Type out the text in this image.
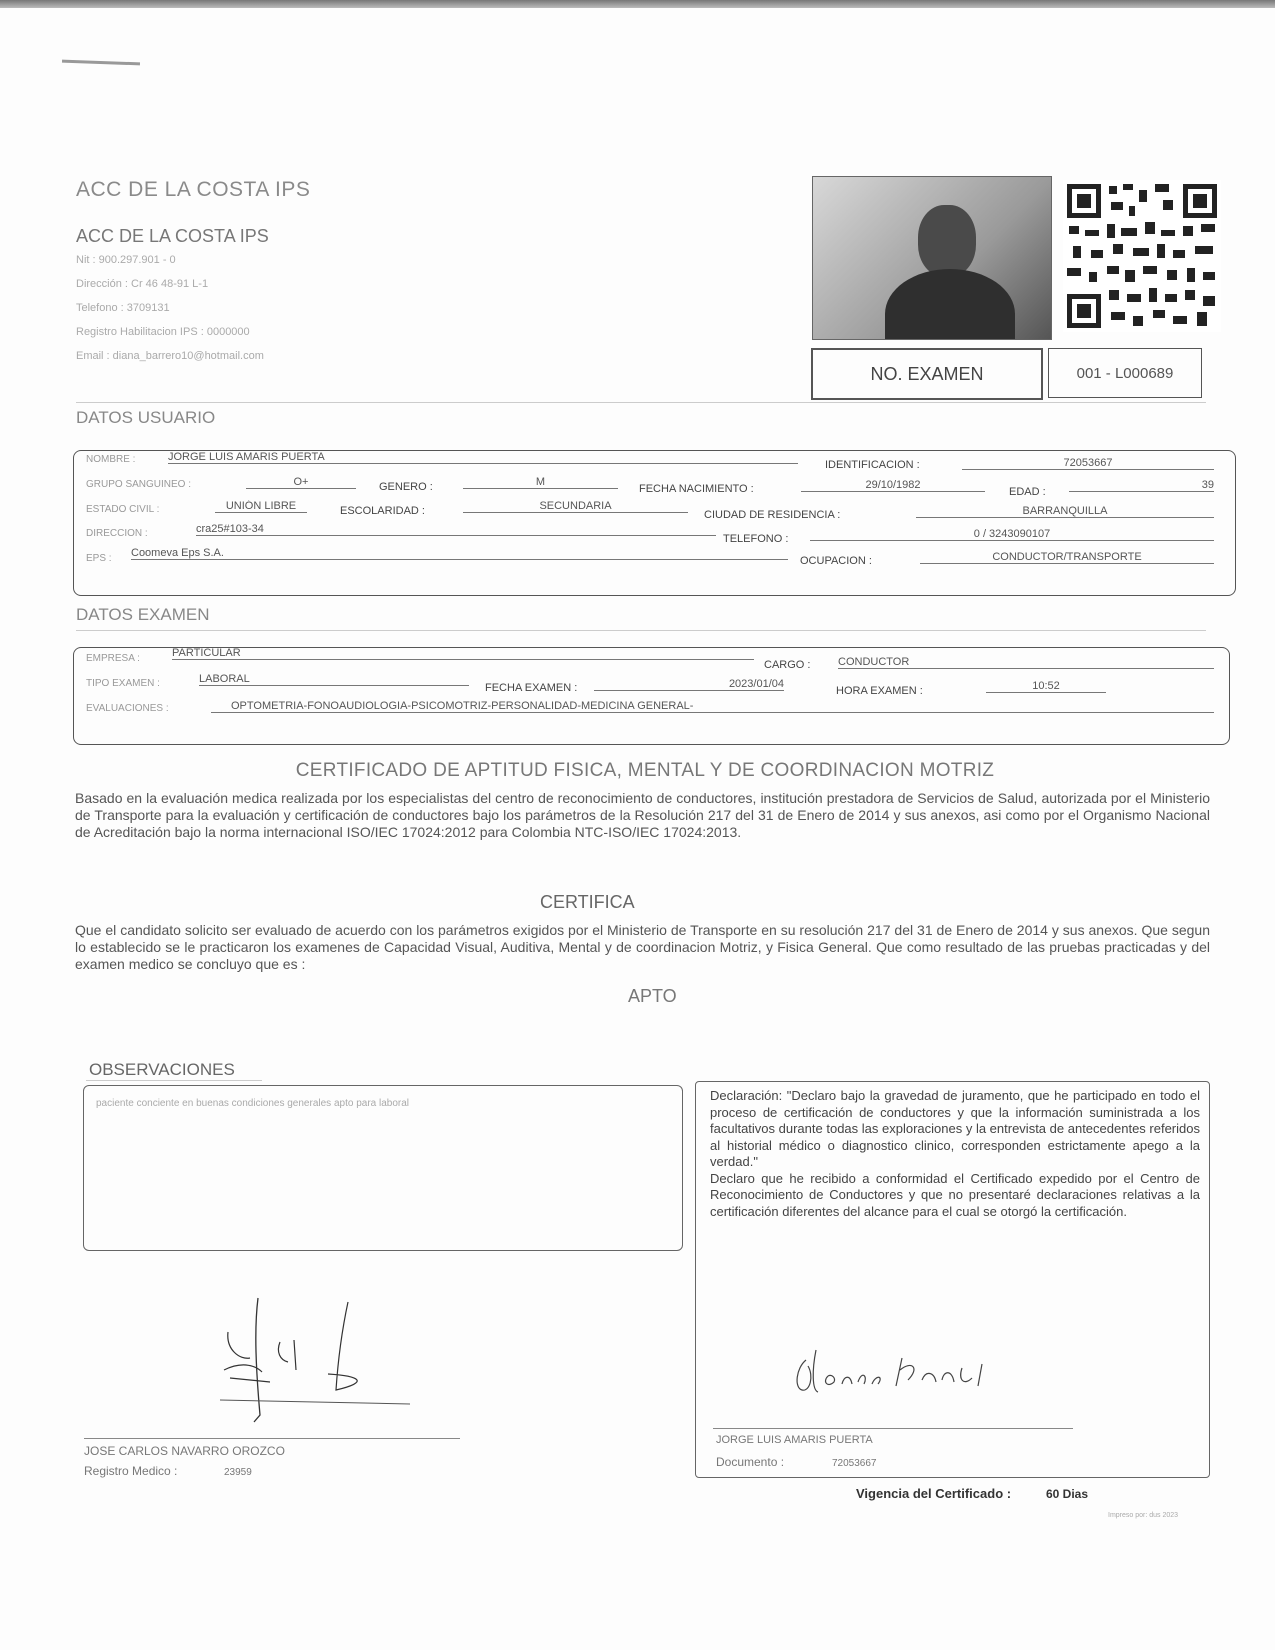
ACC DE LA COSTA IPS
ACC DE LA COSTA IPS
Nit : 900.297.901 - 0
Dirección : Cr 46 48-91 L-1
Telefono : 3709131
Registro Habilitacion IPS : 0000000
Email : diana_barrero10@hotmail.com
NO. EXAMEN	001 - L000689
DATOS USUARIO
NOMBRE :	JORGE LUIS AMARIS PUERTA
IDENTIFICACION :	72053667
GRUPO SANGUINEO :	O+	GENERO :	M
FECHA NACIMIENTO :	29/10/1982
EDAD :
39
ESTADO CIVIL :	UNIÓN LIBRE	ESCOLARIDAD :	SECUNDARIA
CIUDAD DE RESIDENCIA :	BARRANQUILLA
DIRECCION :	cra25#103-34
TELEFONO :	0 / 3243090107
EPS : Coomeva Eps S.A.
OCUPACION :	CONDUCTOR/TRANSPORTE
DATOS EXAMEN
EMPRESA :	PARTICULAR
CARGO :	CONDUCTOR
TIPO EXAMEN :	LABORAL
FECHA EXAMEN :	2023/01/04
HORA EXAMEN :	10:52
EVALUACIONES :	OPTOMETRIA-FONOAUDIOLOGIA-PSICOMOTRIZ-PERSONALIDAD-MEDICINA GENERAL-
CERTIFICADO DE APTITUD FISICA, MENTAL Y DE COORDINACION MOTRIZ
Basado en la evaluación medica realizada por los especialistas del centro de reconocimiento de conductores, institución prestadora de Servicios de Salud, autorizada por el Ministerio de Transporte para la evaluación y certificación de conductores bajo los parámetros de la Resolución 217 del 31 de Enero de 2014 y sus anexos, asi como por el Organismo Nacional de Acreditación bajo la norma internacional ISO/IEC 17024:2012 para Colombia NTC-ISO/IEC 17024:2013.
CERTIFICA
Que el candidato solicito ser evaluado de acuerdo con los parámetros exigidos por el Ministerio de Transporte en su resolución 217 del 31 de Enero de 2014 y sus anexos. Que segun lo establecido se le practicaron los examenes de Capacidad Visual, Auditiva, Mental y de coordinacion Motriz, y Fisica General. Que como resultado de las pruebas practicadas y del examen medico se concluyo que es :
APTO
OBSERVACIONES
paciente conciente en buenas condiciones generales apto para laboral
Declaración: "Declaro bajo la gravedad de juramento, que he participado en todo el proceso de certificación de conductores y que la información suministrada a los facultativos durante todas las exploraciones y la entrevista de antecedentes referidos al historial médico o diagnostico clinico, corresponden estrictamente apego a la verdad."
Declaro que he recibido a conformidad el Certificado expedido por el Centro de Reconocimiento de Conductores y que no presentaré declaraciones relativas a la certificación diferentes del alcance para el cual se otorgó la certificación.
JOSE CARLOS NAVARRO OROZCO
Registro Medico :	23959
JORGE LUIS AMARIS PUERTA
Documento :	72053667
Vigencia del Certificado :	60 Dias
Impreso por: dus 2023
